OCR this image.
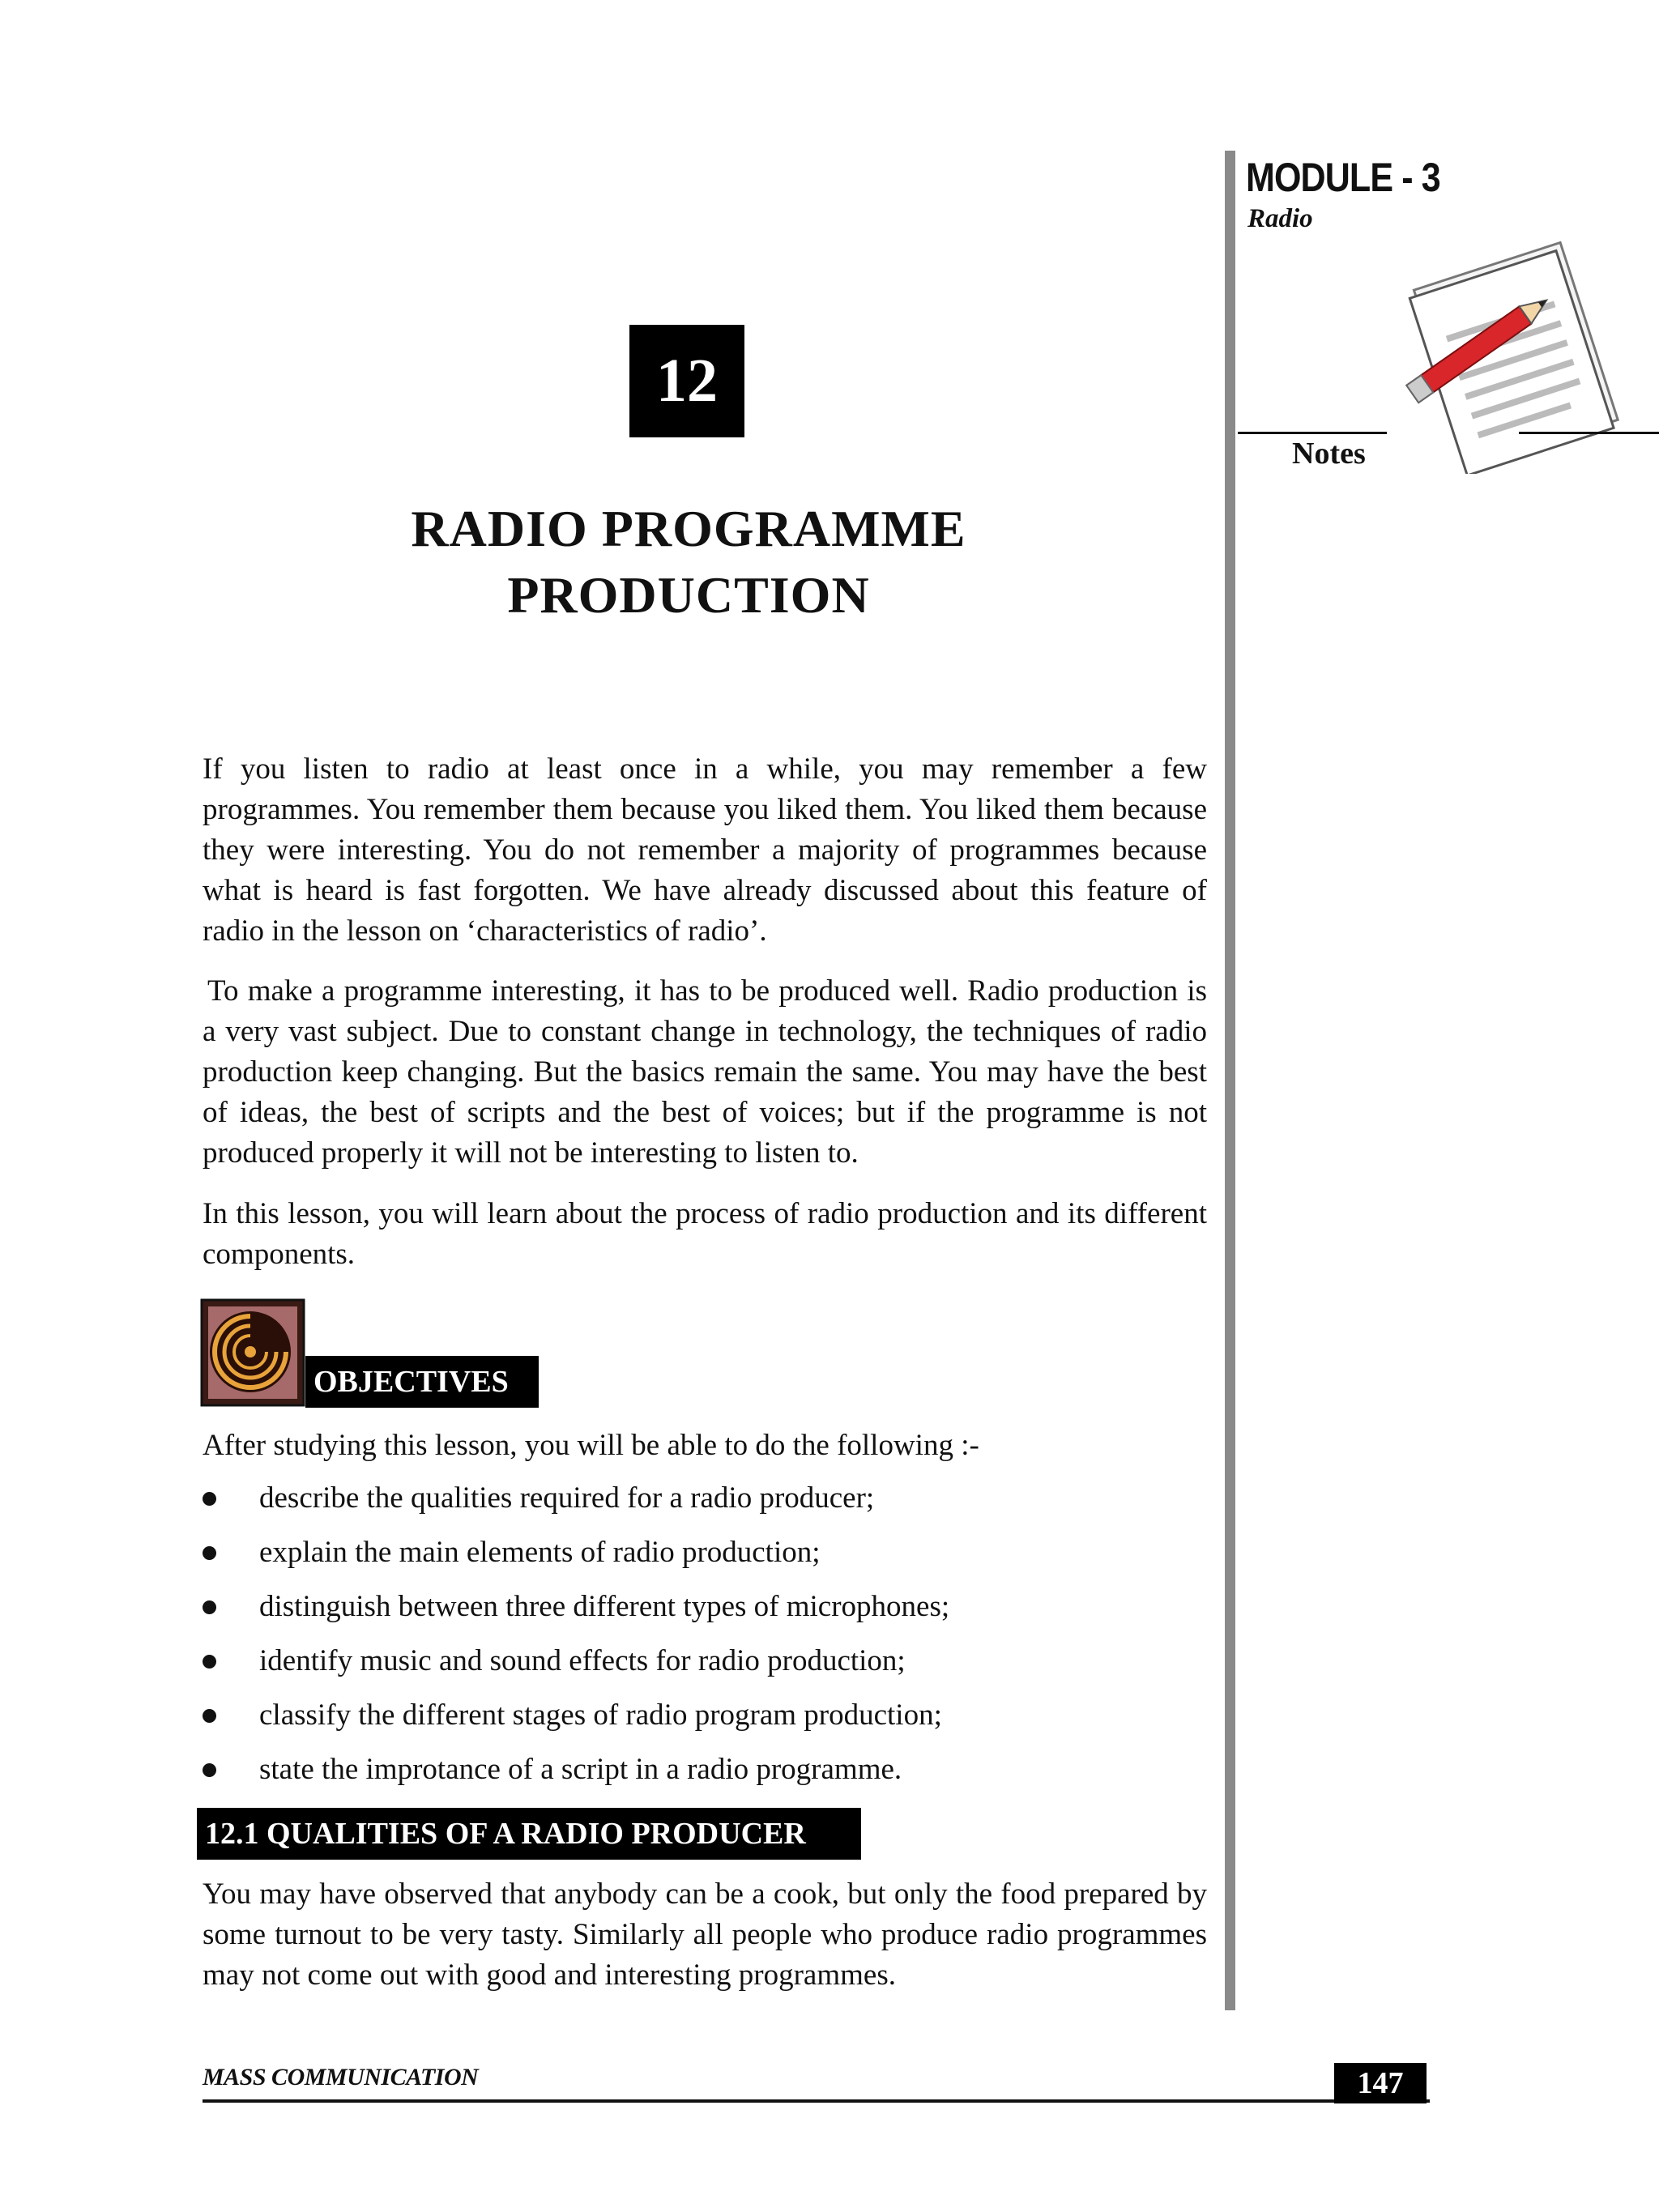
MODULE - 3
Radio
Notes
12
RADIO PROGRAMME
PRODUCTION
If you listen to radio at least once in a while, you may remember a few programmes. You remember them because you liked them. You liked them because they were interesting. You do not remember a majority of programmes because what is heard is fast forgotten. We have already discussed about this feature of radio in the lesson on ‘characteristics of radio’.
To make a programme interesting, it has to be produced well. Radio production is a very vast subject. Due to constant change in technology, the techniques of radio production keep changing. But the basics remain the same. You may have the best of ideas, the best of scripts and the best of voices; but if the programme is not produced properly it will not be interesting to listen to.
In this lesson, you will learn about the process of radio production and its different components.
OBJECTIVES
After studying this lesson, you will be able to do the following :-
describe the qualities required for a radio producer;
explain the main elements of radio production;
distinguish between three different types of microphones;
identify music and sound effects for radio production;
classify the different stages of radio program production;
state the improtance of a script in a radio programme.
12.1 QUALITIES OF A RADIO PRODUCER
You may have observed that anybody can be a cook, but only the food prepared by some turnout to be very tasty. Similarly all people who produce radio programmes may not come out with good and interesting programmes.
MASS COMMUNICATION	147
